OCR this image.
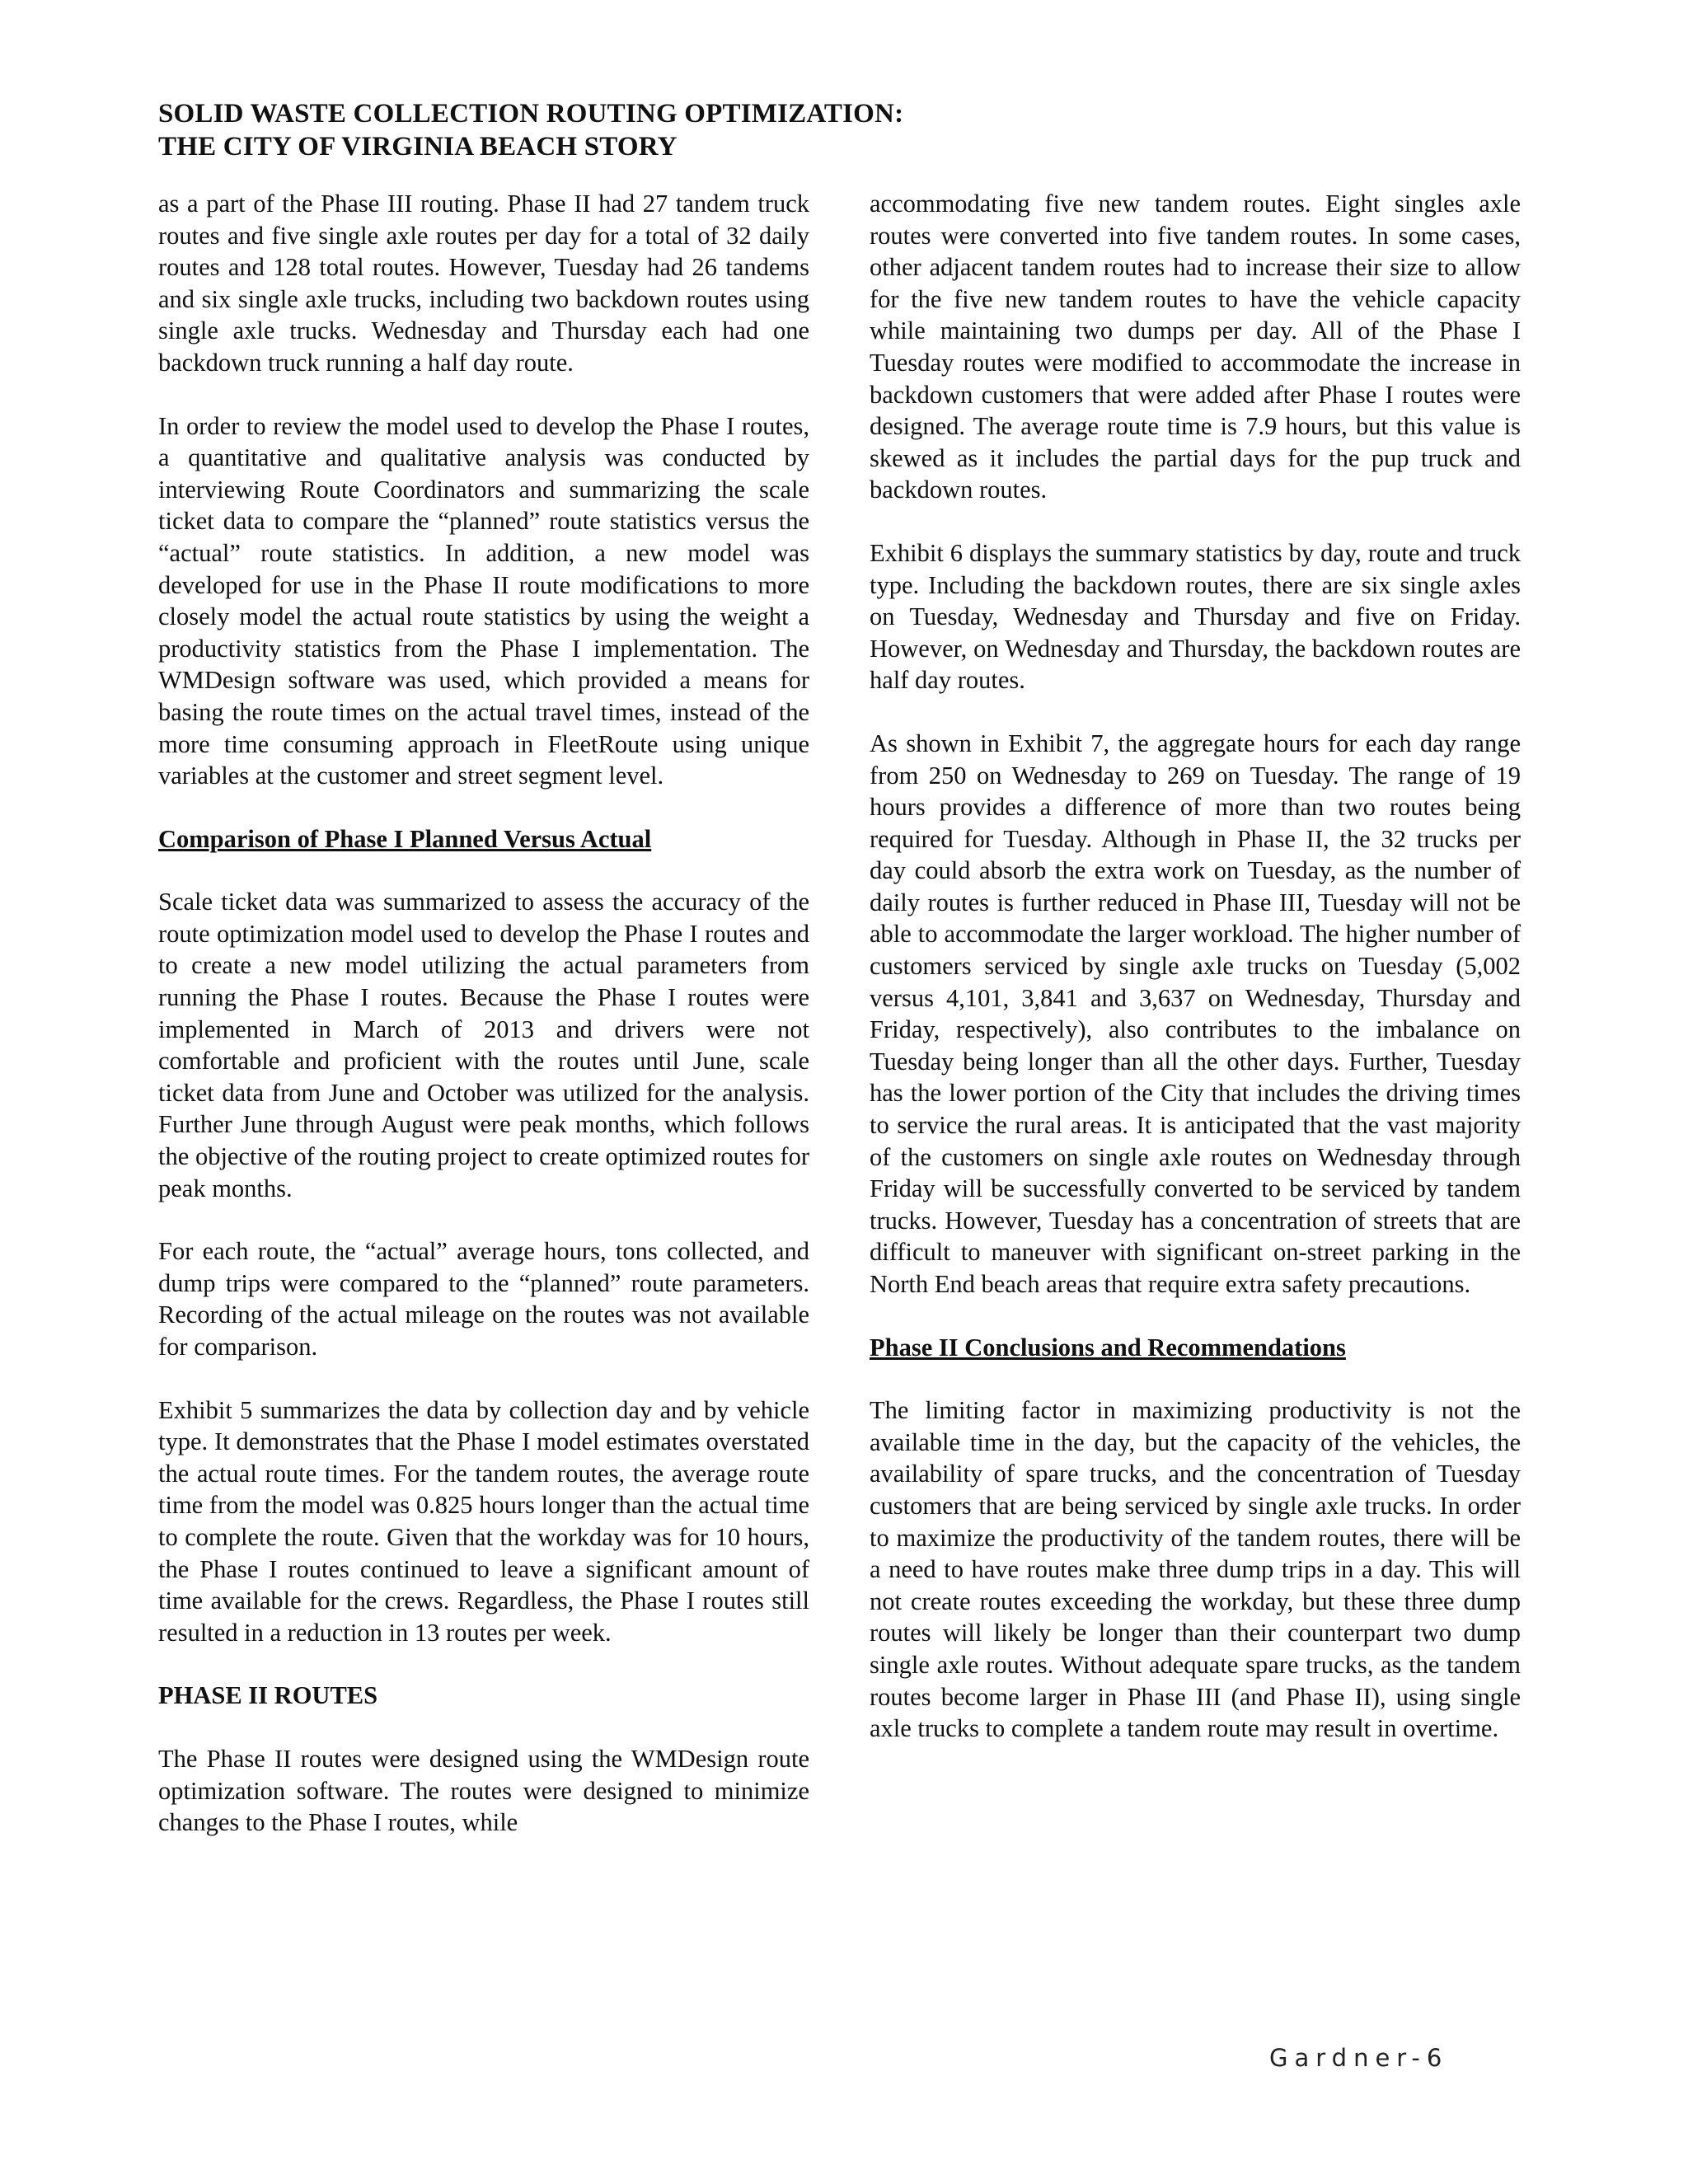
SOLID WASTE COLLECTION ROUTING OPTIMIZATION:
THE CITY OF VIRGINIA BEACH STORY

as a part of the Phase III routing. Phase II had 27 tandem truck routes and five single axle routes per day for a total of 32 daily routes and 128 total routes. However, Tuesday had 26 tandems and six single axle trucks, including two backdown routes using single axle trucks. Wednesday and Thursday each had one backdown truck running a half day route.

In order to review the model used to develop the Phase I routes, a quantitative and qualitative analysis was conducted by interviewing Route Coordinators and summarizing the scale ticket data to compare the “planned” route statistics versus the “actual” route statistics. In addition, a new model was developed for use in the Phase II route modifications to more closely model the actual route statistics by using the weight a productivity statistics from the Phase I implementation. The WMDesign software was used, which provided a means for basing the route times on the actual travel times, instead of the more time consuming approach in FleetRoute using unique variables at the customer and street segment level.

Comparison of Phase I Planned Versus Actual

Scale ticket data was summarized to assess the accuracy of the route optimization model used to develop the Phase I routes and to create a new model utilizing the actual parameters from running the Phase I routes. Because the Phase I routes were implemented in March of 2013 and drivers were not comfortable and proficient with the routes until June, scale ticket data from June and October was utilized for the analysis. Further June through August were peak months, which follows the objective of the routing project to create optimized routes for peak months.

For each route, the “actual” average hours, tons collected, and dump trips were compared to the “planned” route parameters. Recording of the actual mileage on the routes was not available for comparison.

Exhibit 5 summarizes the data by collection day and by vehicle type. It demonstrates that the Phase I model estimates overstated the actual route times. For the tandem routes, the average route time from the model was 0.825 hours longer than the actual time to complete the route. Given that the workday was for 10 hours, the Phase I routes continued to leave a significant amount of time available for the crews. Regardless, the Phase I routes still resulted in a reduction in 13 routes per week.

PHASE II ROUTES

The Phase II routes were designed using the WMDesign route optimization software. The routes were designed to minimize changes to the Phase I routes, while

accommodating five new tandem routes. Eight singles axle routes were converted into five tandem routes. In some cases, other adjacent tandem routes had to increase their size to allow for the five new tandem routes to have the vehicle capacity while maintaining two dumps per day. All of the Phase I Tuesday routes were modified to accommodate the increase in backdown customers that were added after Phase I routes were designed. The average route time is 7.9 hours, but this value is skewed as it includes the partial days for the pup truck and backdown routes.

Exhibit 6 displays the summary statistics by day, route and truck type. Including the backdown routes, there are six single axles on Tuesday, Wednesday and Thursday and five on Friday. However, on Wednesday and Thursday, the backdown routes are half day routes.

As shown in Exhibit 7, the aggregate hours for each day range from 250 on Wednesday to 269 on Tuesday. The range of 19 hours provides a difference of more than two routes being required for Tuesday. Although in Phase II, the 32 trucks per day could absorb the extra work on Tuesday, as the number of daily routes is further reduced in Phase III, Tuesday will not be able to accommodate the larger workload. The higher number of customers serviced by single axle trucks on Tuesday (5,002 versus 4,101, 3,841 and 3,637 on Wednesday, Thursday and Friday, respectively), also contributes to the imbalance on Tuesday being longer than all the other days. Further, Tuesday has the lower portion of the City that includes the driving times to service the rural areas. It is anticipated that the vast majority of the customers on single axle routes on Wednesday through Friday will be successfully converted to be serviced by tandem trucks. However, Tuesday has a concentration of streets that are difficult to maneuver with significant on-street parking in the North End beach areas that require extra safety precautions.

Phase II Conclusions and Recommendations

The limiting factor in maximizing productivity is not the available time in the day, but the capacity of the vehicles, the availability of spare trucks, and the concentration of Tuesday customers that are being serviced by single axle trucks. In order to maximize the productivity of the tandem routes, there will be a need to have routes make three dump trips in a day. This will not create routes exceeding the workday, but these three dump routes will likely be longer than their counterpart two dump single axle routes. Without adequate spare trucks, as the tandem routes become larger in Phase III (and Phase II), using single axle trucks to complete a tandem route may result in overtime.

Gardner-6
